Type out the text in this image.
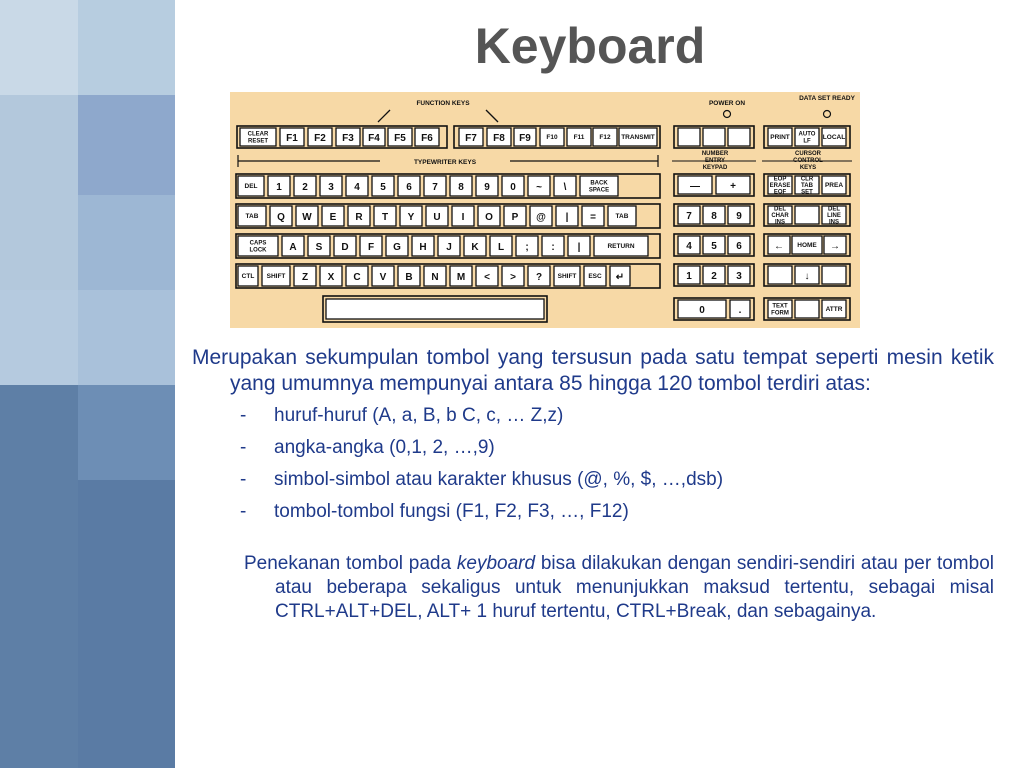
Keyboard
FUNCTION KEYS	POWER ON
DATA SET READY
CLEAR
RESET F1 F2 F3 F4 F5 F6	F7 F8 F9 F10 F11 F12 TRANSMIT
TYPEWRITER KEYS
DEL 1 2 3 4 5 6 7 8 9 0 ~ \	BACK
SPACE
TAB Q W E R T Y U I O P @ | =	TAB
CAPS
LOCK A S D F G H J K L ; : |	RETURN
CTL SHIFT Z X C V B N M < > ? SHIFT ESC ↵
NUMBER
ENTRY
KEYPAD
—	+
7 8 9
4 5 6
1 2 3
0	.
CURSOR
CONTROL
KEYS
PRINT AUTO
LF
LOCAL
EOP
ERASE
EOF
CLR
TAB
SET
PREA
DEL
CHAR
INS
DEL
LINE
INS
← HOME →
↓
TEXT
FORM
ATTR

Merupakan sekumpulan tombol yang tersusun pada satu tempat seperti mesin ketik yang umumnya mempunyai antara 85 hingga 120 tombol terdiri atas:

- huruf-huruf (A, a, B, b C, c, … Z,z)
- angka-angka (0,1, 2, …,9)
- simbol-simbol atau karakter khusus (@, %, $, …,dsb)
- tombol-tombol fungsi (F1, F2, F3, …, F12)

Penekanan tombol pada keyboard bisa dilakukan dengan sendiri-sendiri atau per tombol atau beberapa sekaligus untuk menunjukkan maksud tertentu, sebagai misal CTRL+ALT+DEL, ALT+ 1 huruf tertentu, CTRL+Break, dan sebagainya.
